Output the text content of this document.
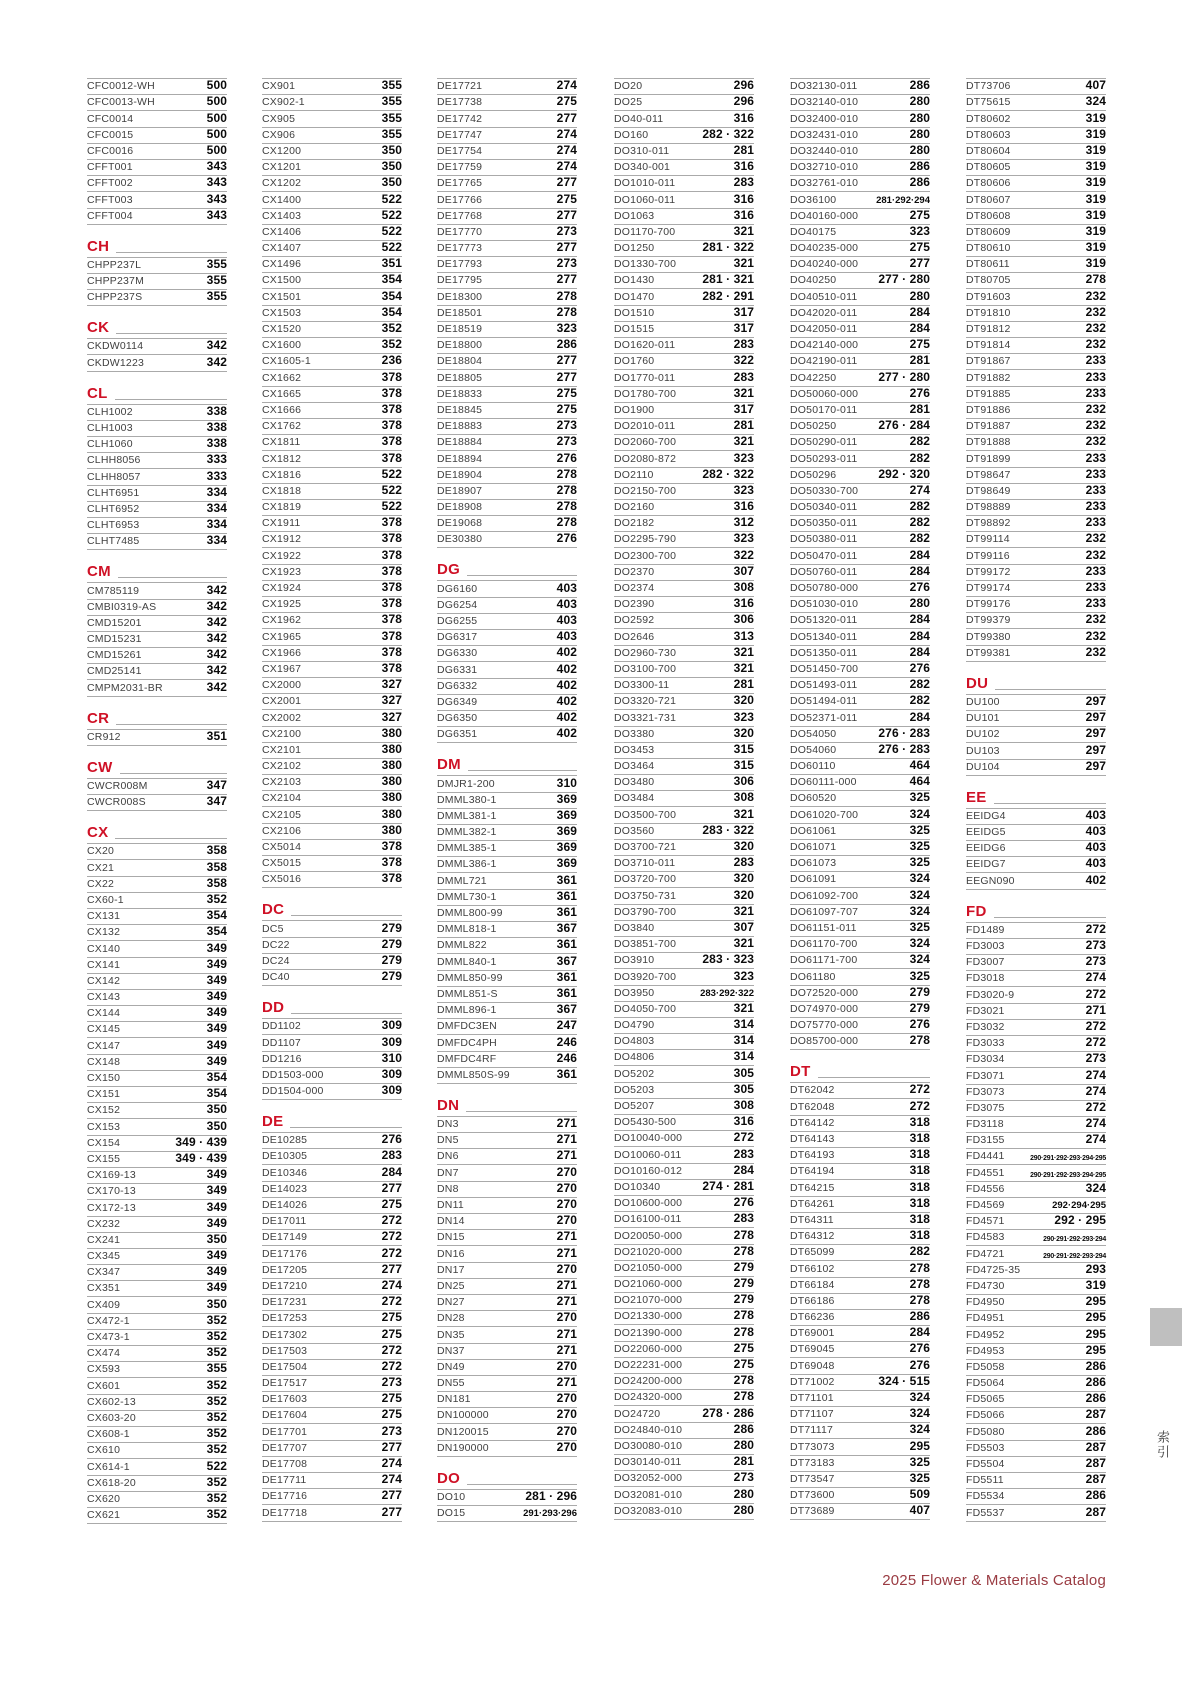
CFC0012-WH	500
CFC0013-WH	500
CFC0014	500
CFC0015	500
CFC0016	500
CFFT001	343
CFFT002	343
CFFT003	343
CFFT004	343
CH
CHPP237L	355
CHPP237M	355
CHPP237S	355
CK
CKDW0114	342
CKDW1223	342
CL
CLH1002	338
CLH1003	338
CLH1060	338
CLHH8056	333
CLHH8057	333
CLHT6951	334
CLHT6952	334
CLHT6953	334
CLHT7485	334
CM
CM785119	342
CMBI0319-AS	342
CMD15201	342
CMD15231	342
CMD15261	342
CMD25141	342
CMPM2031-BR	342
CR
CR912	351
CW
CWCR008M	347
CWCR008S	347
CX
CX20	358
CX21	358
CX22	358
CX60-1	352
CX131	354
CX132	354
CX140	349
CX141	349
CX142	349
CX143	349
CX144	349
CX145	349
CX147	349
CX148	349
CX150	354
CX151	354
CX152	350
CX153	350
CX154	349 · 439
CX155	349 · 439
CX169-13	349
CX170-13	349
CX172-13	349
CX232	349
CX241	350
CX345	349
CX347	349
CX351	349
CX409	350
CX472-1	352
CX473-1	352
CX474	352
CX593	355
CX601	352
CX602-13	352
CX603-20	352
CX608-1	352
CX610	352
CX614-1	522
CX618-20	352
CX620	352
CX621	352
CX901	355
CX902-1	355
CX905	355
CX906	355
CX1200	350
CX1201	350
CX1202	350
CX1400	522
CX1403	522
CX1406	522
CX1407	522
CX1496	351
CX1500	354
CX1501	354
CX1503	354
CX1520	352
CX1600	352
CX1605-1	236
CX1662	378
CX1665	378
CX1666	378
CX1762	378
CX1811	378
CX1812	378
CX1816	522
CX1818	522
CX1819	522
CX1911	378
CX1912	378
CX1922	378
CX1923	378
CX1924	378
CX1925	378
CX1962	378
CX1965	378
CX1966	378
CX1967	378
CX2000	327
CX2001	327
CX2002	327
CX2100	380
CX2101	380
CX2102	380
CX2103	380
CX2104	380
CX2105	380
CX2106	380
CX5014	378
CX5015	378
CX5016	378
DC
DC5	279
DC22	279
DC24	279
DC40	279
DD
DD1102	309
DD1107	309
DD1216	310
DD1503-000	309
DD1504-000	309
DE
DE10285	276
DE10305	283
DE10346	284
DE14023	277
DE14026	275
DE17011	272
DE17149	272
DE17176	272
DE17205	277
DE17210	274
DE17231	272
DE17253	275
DE17302	275
DE17503	272
DE17504	272
DE17517	273
DE17603	275
DE17604	275
DE17701	273
DE17707	277
DE17708	274
DE17711	274
DE17716	277
DE17718	277
DE17721	274
DE17738	275
DE17742	277
DE17747	274
DE17754	274
DE17759	274
DE17765	277
DE17766	275
DE17768	277
DE17770	273
DE17773	277
DE17793	273
DE17795	277
DE18300	278
DE18501	278
DE18519	323
DE18800	286
DE18804	277
DE18805	277
DE18833	275
DE18845	275
DE18883	273
DE18884	273
DE18894	276
DE18904	278
DE18907	278
DE18908	278
DE19068	278
DE30380	276
DG
DG6160	403
DG6254	403
DG6255	403
DG6317	403
DG6330	402
DG6331	402
DG6332	402
DG6349	402
DG6350	402
DG6351	402
DM
DMJR1-200	310
DMML380-1	369
DMML381-1	369
DMML382-1	369
DMML385-1	369
DMML386-1	369
DMML721	361
DMML730-1	361
DMML800-99	361
DMML818-1	367
DMML822	361
DMML840-1	367
DMML850-99	361
DMML851-S	361
DMML896-1	367
DMFDC3EN	247
DMFDC4PH	246
DMFDC4RF	246
DMML850S-99	361
DN
DN3	271
DN5	271
DN6	271
DN7	270
DN8	270
DN11	270
DN14	270
DN15	271
DN16	271
DN17	270
DN25	271
DN27	271
DN28	270
DN35	271
DN37	271
DN49	270
DN55	271
DN181	270
DN100000	270
DN120015	270
DN190000	270
DO
DO10	281 · 296
DO15	291·293·296
DO20	296
DO25	296
DO40-011	316
DO160	282 · 322
DO310-011	281
DO340-001	316
DO1010-011	283
DO1060-011	316
DO1063	316
DO1170-700	321
DO1250	281 · 322
DO1330-700	321
DO1430	281 · 321
DO1470	282 · 291
DO1510	317
DO1515	317
DO1620-011	283
DO1760	322
DO1770-011	283
DO1780-700	321
DO1900	317
DO2010-011	281
DO2060-700	321
DO2080-872	323
DO2110	282 · 322
DO2150-700	323
DO2160	316
DO2182	312
DO2295-790	323
DO2300-700	322
DO2370	307
DO2374	308
DO2390	316
DO2592	306
DO2646	313
DO2960-730	321
DO3100-700	321
DO3300-11	281
DO3320-721	320
DO3321-731	323
DO3380	320
DO3453	315
DO3464	315
DO3480	306
DO3484	308
DO3500-700	321
DO3560	283 · 322
DO3700-721	320
DO3710-011	283
DO3720-700	320
DO3750-731	320
DO3790-700	321
DO3840	307
DO3851-700	321
DO3910	283 · 323
DO3920-700	323
DO3950	283·292·322
DO4050-700	321
DO4790	314
DO4803	314
DO4806	314
DO5202	305
DO5203	305
DO5207	308
DO5430-500	316
DO10040-000	272
DO10060-011	283
DO10160-012	284
DO10340	274 · 281
DO10600-000	276
DO16100-011	283
DO20050-000	278
DO21020-000	278
DO21050-000	279
DO21060-000	279
DO21070-000	279
DO21330-000	278
DO21390-000	278
DO22060-000	275
DO22231-000	275
DO24200-000	278
DO24320-000	278
DO24720	278 · 286
DO24840-010	286
DO30080-010	280
DO30140-011	281
DO32052-000	273
DO32081-010	280
DO32083-010	280
DO32130-011	286
DO32140-010	280
DO32400-010	280
DO32431-010	280
DO32440-010	280
DO32710-010	286
DO32761-010	286
DO36100	281·292·294
DO40160-000	275
DO40175	323
DO40235-000	275
DO40240-000	277
DO40250	277 · 280
DO40510-011	280
DO42020-011	284
DO42050-011	284
DO42140-000	275
DO42190-011	281
DO42250	277 · 280
DO50060-000	276
DO50170-011	281
DO50250	276 · 284
DO50290-011	282
DO50293-011	282
DO50296	292 · 320
DO50330-700	274
DO50340-011	282
DO50350-011	282
DO50380-011	282
DO50470-011	284
DO50760-011	284
DO50780-000	276
DO51030-010	280
DO51320-011	284
DO51340-011	284
DO51350-011	284
DO51450-700	276
DO51493-011	282
DO51494-011	282
DO52371-011	284
DO54050	276 · 283
DO54060	276 · 283
DO60110	464
DO60111-000	464
DO60520	325
DO61020-700	324
DO61061	325
DO61071	325
DO61073	325
DO61091	324
DO61092-700	324
DO61097-707	324
DO61151-011	325
DO61170-700	324
DO61171-700	324
DO61180	325
DO72520-000	279
DO74970-000	279
DO75770-000	276
DO85700-000	278
DT
DT62042	272
DT62048	272
DT64142	318
DT64143	318
DT64193	318
DT64194	318
DT64215	318
DT64261	318
DT64311	318
DT64312	318
DT65099	282
DT66102	278
DT66184	278
DT66186	278
DT66236	286
DT69001	284
DT69045	276
DT69048	276
DT71002	324 · 515
DT71101	324
DT71107	324
DT71117	324
DT73073	295
DT73183	325
DT73547	325
DT73600	509
DT73689	407
DT73706	407
DT75615	324
DT80602	319
DT80603	319
DT80604	319
DT80605	319
DT80606	319
DT80607	319
DT80608	319
DT80609	319
DT80610	319
DT80611	319
DT80705	278
DT91603	232
DT91810	232
DT91812	232
DT91814	232
DT91867	233
DT91882	233
DT91885	233
DT91886	232
DT91887	232
DT91888	232
DT91899	233
DT98647	233
DT98649	233
DT98889	233
DT98892	233
DT99114	232
DT99116	232
DT99172	233
DT99174	233
DT99176	233
DT99379	232
DT99380	232
DT99381	232
DU
DU100	297
DU101	297
DU102	297
DU103	297
DU104	297
EE
EEIDG4	403
EEIDG5	403
EEIDG6	403
EEIDG7	403
EEGN090	402
FD
FD1489	272
FD3003	273
FD3007	273
FD3018	274
FD3020-9	272
FD3021	271
FD3032	272
FD3033	272
FD3034	273
FD3071	274
FD3073	274
FD3075	272
FD3118	274
FD3155	274
FD4441	290·291·292·293·294·295
FD4551	290·291·292·293·294·295
FD4556	324
FD4569	292·294·295
FD4571	292 · 295
FD4583	290·291·292·293·294
FD4721	290·291·292·293·294
FD4725-35	293
FD4730	319
FD4950	295
FD4951	295
FD4952	295
FD4953	295
FD5058	286
FD5064	286
FD5065	286
FD5066	287
FD5080	286
FD5503	287
FD5504	287
FD5511	287
FD5534	286
FD5537	287
2025 Flower & Materials Catalog
索引
